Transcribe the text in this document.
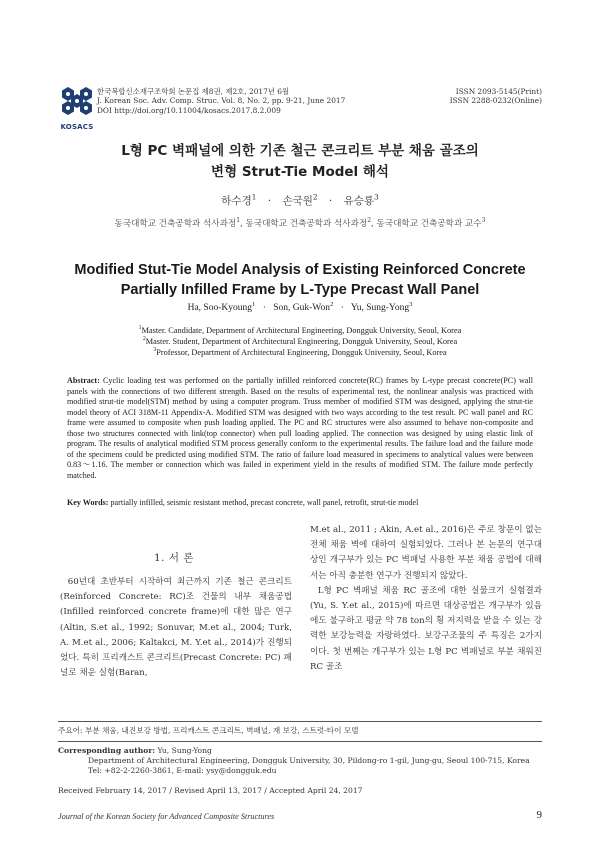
KOSACS
한국복합신소재구조학회 논문집 제8권, 제2호, 2017년 6월
J. Korean Soc. Adv. Comp. Struc. Vol. 8, No. 2, pp. 9-21, June 2017
DOI http://doi.org/10.11004/kosacs.2017.8.2.009
ISSN 2093-5145(Print)
ISSN 2288-0232(Online)
L형 PC 벽패널에 의한 기존 철근 콘크리트 부분 채움 골조의
변형 Strut-Tie Model 해석
하수경$^1$ · 손국원$^2$ · 유승룡$^3$
동국대학교 건축공학과 석사과정$^1$, 동국대학교 건축공학과 석사과정$^2$, 동국대학교 건축공학과 교수$^3$
Modified Stut-Tie Model Analysis of Existing Reinforced Concrete
Partially Infilled Frame by L-Type Precast Wall Panel
Ha, Soo-Kyoung$^1$ · Son, Guk-Won$^2$ · Yu, Sung-Yong$^3$
$^1$Master. Candidate, Department of Architectural Engineering, Dongguk University, Seoul, Korea
$^2$Master. Student, Department of Architectural Engineering, Dongguk University, Seoul, Korea
$^3$Professor, Department of Architectural Engineering, Dongguk University, Seoul, Korea
Abstract: Cyclic loading test was performed on the partially infilled reinforced concrete(RC) frames by L-type precast concrete(PC) wall panels with the connections of two different strength. Based on the results of experimental test, the nonlinear analysis was practiced with modified strut-tie model(STM) method by using a computer program. Truss member of modified STM was designed, applying the strut-tie model theory of ACI 318M-11 Appendix-A. Modified STM was designed with two ways according to the test result. PC wall panel and RC frame were assumed to composite when push loading applied. The PC and RC structures were also assumed to behave non-composite and those two structures connected with link(top connector) when pull loading applied. The connection was designed by using elastic link of program. The results of analytical modified STM process generally conform to the experimental results. The failure load and the failure mode of the specimens could be predicted using modified STM. The ratio of failure load measured in specimens to analytical values were between 0.83～1.16. The member or connection which was failed in experiment yield in the results of modified STM. The failure mode perfectly matched.
Key Words: partially infilled, seismic resistant method, precast concrete, wall panel, retrofit, strut-tie model
1. 서 론

60년대 초반부터 시작하여 최근까지 기존 철근 콘크리트(Reinforced Concrete: RC)조 건물의 내부 채움공법(Infilled reinforced concrete frame)에 대한 많은 연구(Altin, S.et al., 1992; Sonuvar, M.et al., 2004; Turk, A. M.et al., 2006; Kaltakci, M. Y.et al., 2014)가 진행되었다. 특히 프리캐스트 콘크리트(Precast Concrete: PC) 패널로 채운 실험(Baran,

M.et al., 2011 ; Akin, A.et al., 2016)은 주로 창문이 없는 전체 채움 벽에 대하여 실험되었다. 그러나 본 논문의 연구대상인 개구부가 있는 PC 벽패널 사용한 부분 채움 공법에 대해서는 아직 충분한 연구가 진행되지 않았다.

L형 PC 벽패널 채움 RC 골조에 대한 실물크기 실험결과(Yu, S. Y.et al., 2015)에 따르면 대상공법은 개구부가 있음에도 불구하고 평균 약 78 ton의 횡 저지력을 받을 수 있는 강력한 보강능력을 자랑하였다. 보강구조물의 주 특징은 2가지이다. 첫 번째는 개구부가 있는 L형 PC 벽패널로 부분 채워진 RC 골조

주요어: 부분 채움, 내진보강 방법, 프리캐스트 콘크리트, 벽패널, 재 보강, 스트럿-타이 모델
Corresponding author: Yu, Sung-Yong
Department of Architectural Engineering, Dongguk University, 30, Pildong-ro 1-gil, Jung-gu, Seoul 100-715, Korea
Tel: +82-2-2260-3861, E-mail: ysy@dongguk.edu
Received February 14, 2017 / Revised April 13, 2017 / Accepted April 24, 2017
Journal of the Korean Society for Advanced Composite Structures	9
